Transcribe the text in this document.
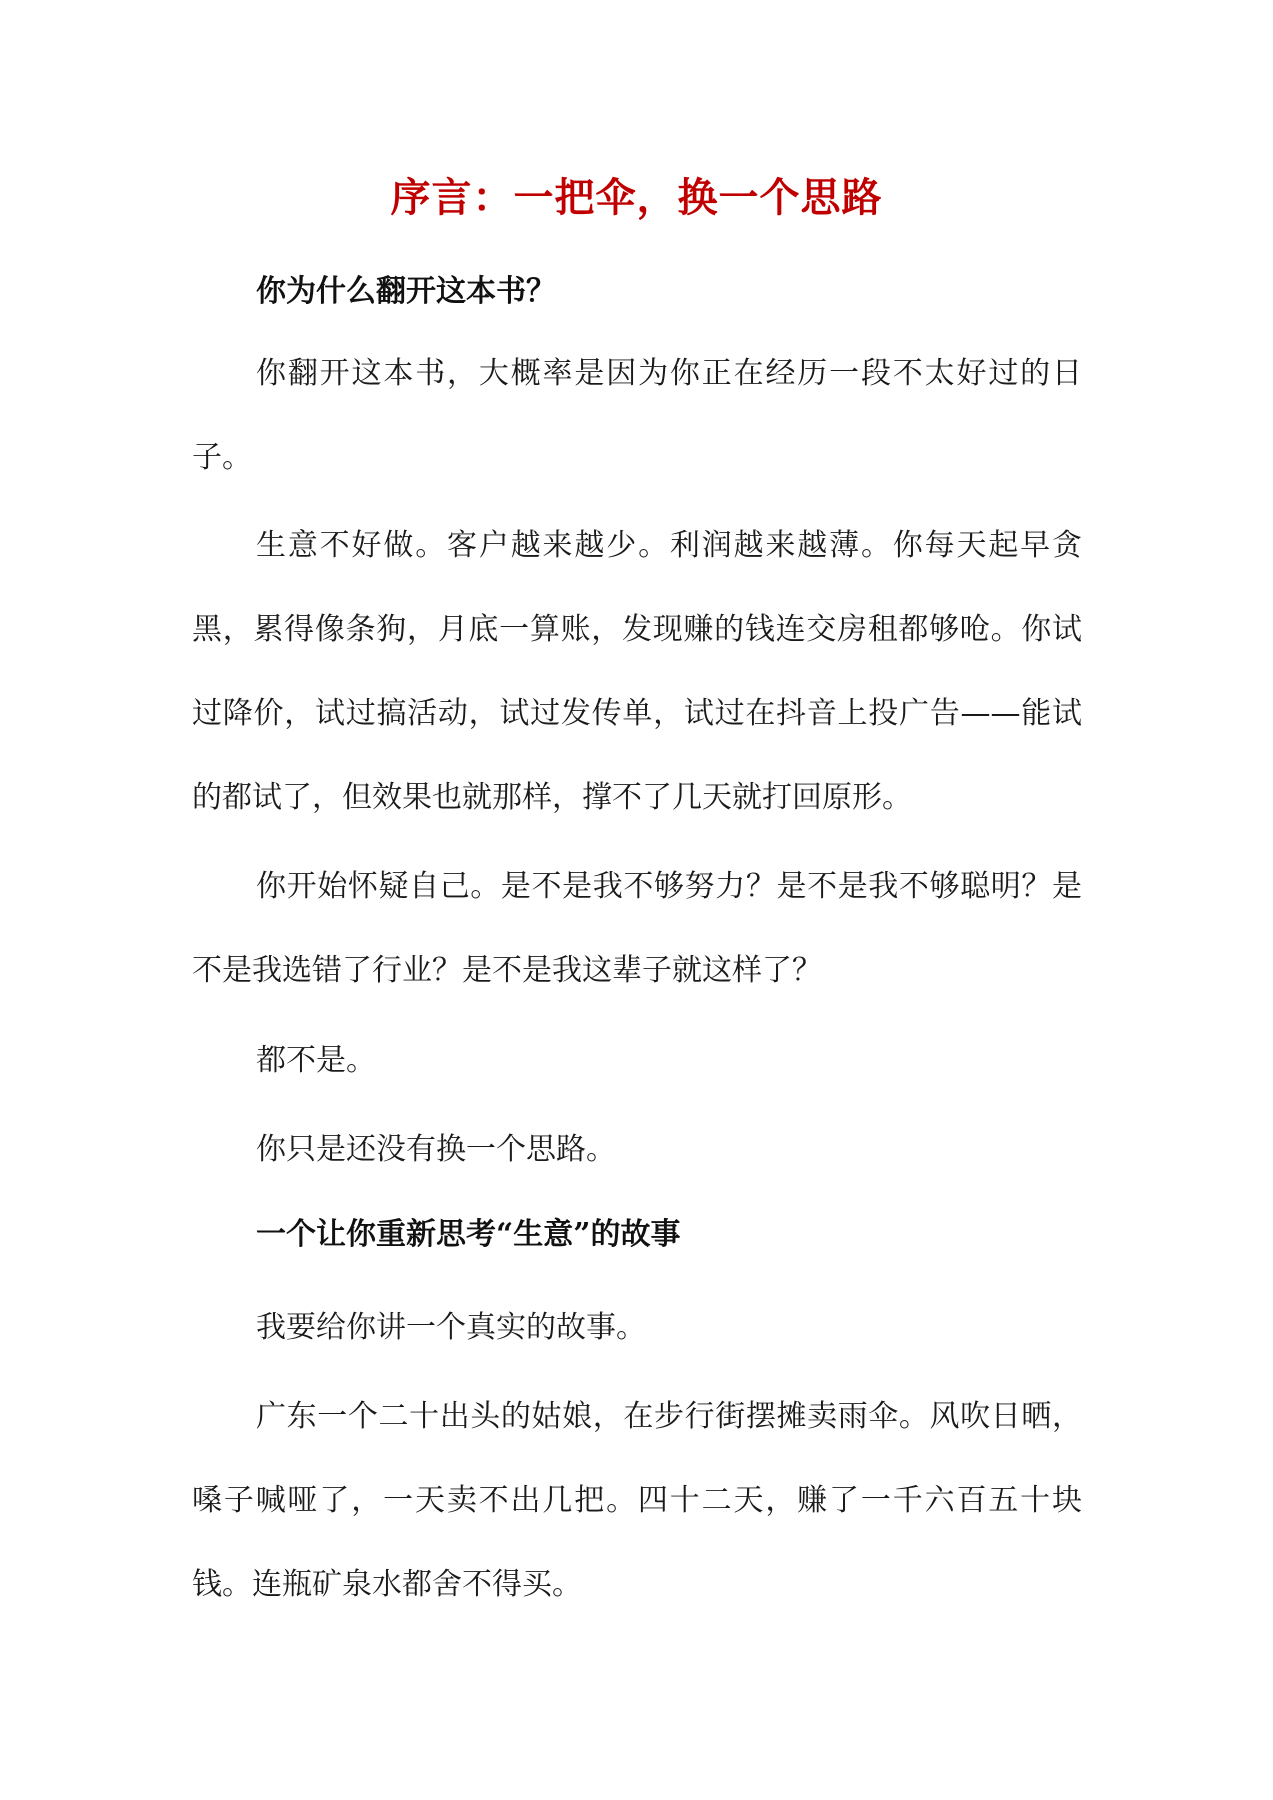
序言：一把伞，换一个思路
你为什么翻开这本书？

你翻开这本书，大概率是因为你正在经历一段不太好过的日子。

生意不好做。客户越来越少。利润越来越薄。你每天起早贪黑，累得像条狗，月底一算账，发现赚的钱连交房租都够呛。你试过降价，试过搞活动，试过发传单，试过在抖音上投广告——能试的都试了，但效果也就那样，撑不了几天就打回原形。

你开始怀疑自己。是不是我不够努力？是不是我不够聪明？是不是我选错了行业？是不是我这辈子就这样了？

都不是。

你只是还没有换一个思路。

一个让你重新思考“生意”的故事

我要给你讲一个真实的故事。

广东一个二十出头的姑娘，在步行街摆摊卖雨伞。风吹日晒，嗓子喊哑了，一天卖不出几把。四十二天，赚了一千六百五十块钱。连瓶矿泉水都舍不得买。
